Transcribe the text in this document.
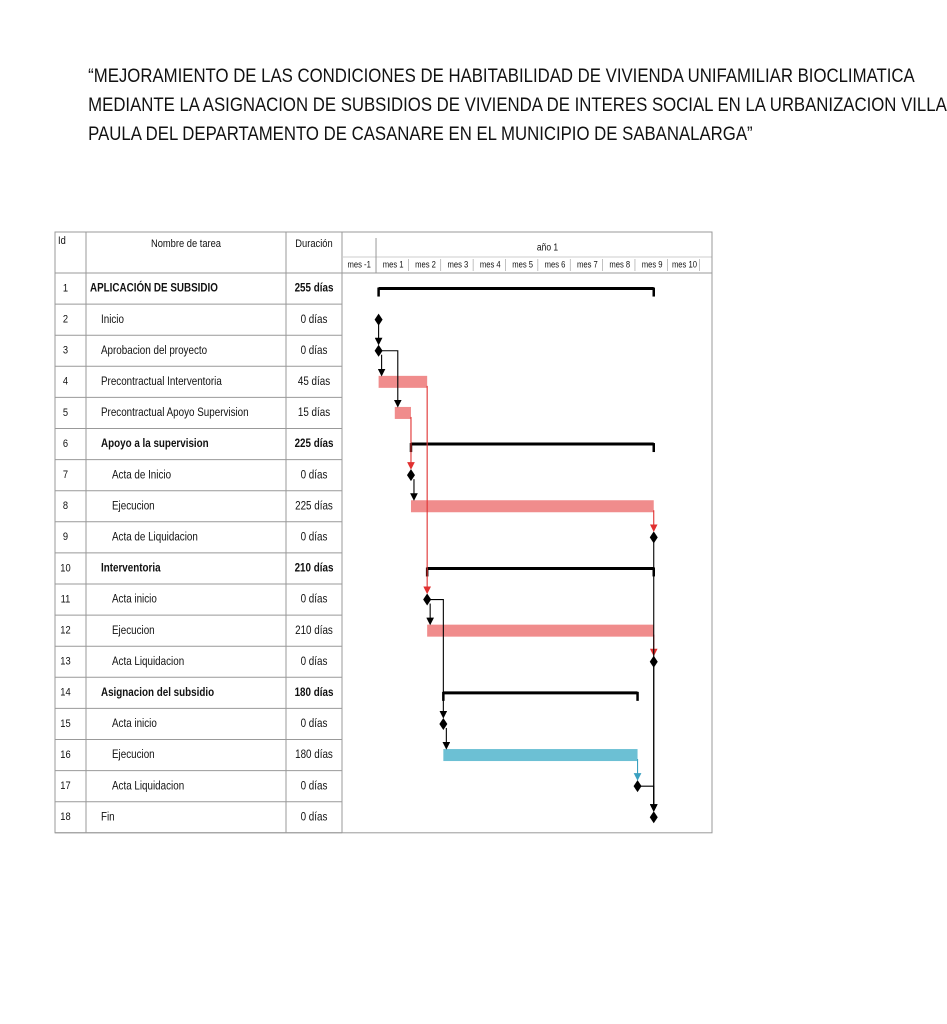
“MEJORAMIENTO DE LAS CONDICIONES DE HABITABILIDAD DE VIVIENDA UNIFAMILIAR BIOCLIMATICA
MEDIANTE LA ASIGNACION DE SUBSIDIOS DE VIVIENDA DE INTERES SOCIAL EN LA URBANIZACION VILLA
PAULA DEL DEPARTAMENTO DE CASANARE EN EL MUNICIPIO DE SABANALARGA”
Id	Nombre de tarea	Duración	año 1
mes -1 mes 1 mes 2 mes 3 mes 4 mes 5 mes 6 mes 7 mes 8 mes 9 mes 10
1 APLICACIÓN DE SUBSIDIO	255 días
2	Inicio	0 días
3	Aprobacion del proyecto	0 días
4	Precontractual Interventoria	45 días
5	Precontractual Apoyo Supervision	15 días
6	Apoyo a la supervision	225 días
7	Acta de Inicio	0 días
8	Ejecucion	225 días
9	Acta de Liquidacion	0 días
10	Interventoria	210 días
11	Acta inicio	0 días
12	Ejecucion	210 días
13	Acta Liquidacion	0 días
14	Asignacion del subsidio	180 días
15	Acta inicio	0 días
16	Ejecucion	180 días
17	Acta Liquidacion	0 días
18	Fin	0 días
